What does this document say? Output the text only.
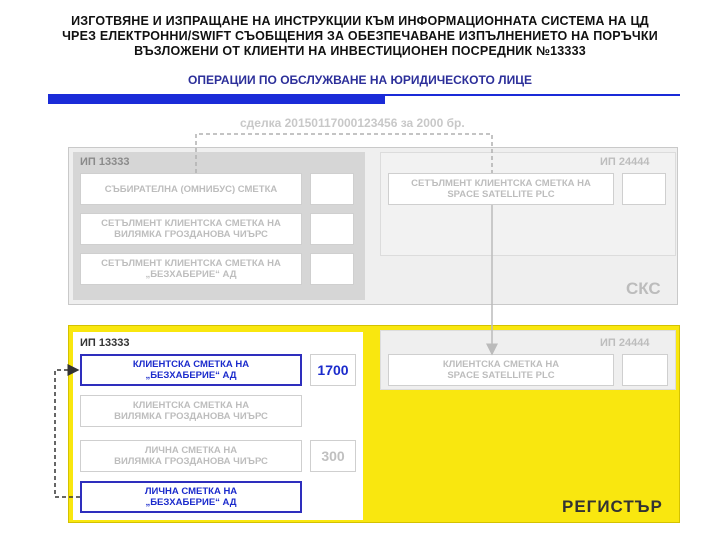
ИЗГОТВЯНЕ И ИЗПРАЩАНЕ НА ИНСТРУКЦИИ КЪМ ИНФОРМАЦИОННАТА СИСТЕМА НА ЦД
ЧРЕЗ ЕЛЕКТРОННИ/SWIFT СЪОБЩЕНИЯ ЗА ОБЕЗПЕЧАВАНЕ ИЗПЪЛНЕНИЕТО НА ПОРЪЧКИ
ВЪЗЛОЖЕНИ ОТ КЛИЕНТИ НА ИНВЕСТИЦИОНЕН ПОСРЕДНИК №13333
ОПЕРАЦИИ ПО ОБСЛУЖВАНЕ НА ЮРИДИЧЕСКОТО ЛИЦЕ
сделка 20150117000123456 за 2000 бр.
ИП 13333	ИП 24444
СЪБИРАТЕЛНА (ОМНИБУС) СМЕТКА
СЕТЪЛМЕНТ КЛИЕНТСКА СМЕТКА НА
ВИЛЯМКА ГРОЗДАНОВА ЧИЪРС
СЕТЪЛМЕНТ КЛИЕНТСКА СМЕТКА НА
„БЕЗХАБЕРИЕ“ АД
СЕТЪЛМЕНТ КЛИЕНТСКА СМЕТКА НА
SPACE SATELLITE PLC
СКС
ИП 13333	ИП 24444
КЛИЕНТСКА СМЕТКА НА
„БЕЗХАБЕРИЕ“ АД	1700
КЛИЕНТСКА СМЕТКА НА
ВИЛЯМКА ГРОЗДАНОВА ЧИЪРС
ЛИЧНА СМЕТКА НА
ВИЛЯМКА ГРОЗДАНОВА ЧИЪРС	300
ЛИЧНА СМЕТКА НА
„БЕЗХАБЕРИЕ“ АД
КЛИЕНТСКА СМЕТКА НА
SPACE SATELLITE PLC
РЕГИСТЪР
